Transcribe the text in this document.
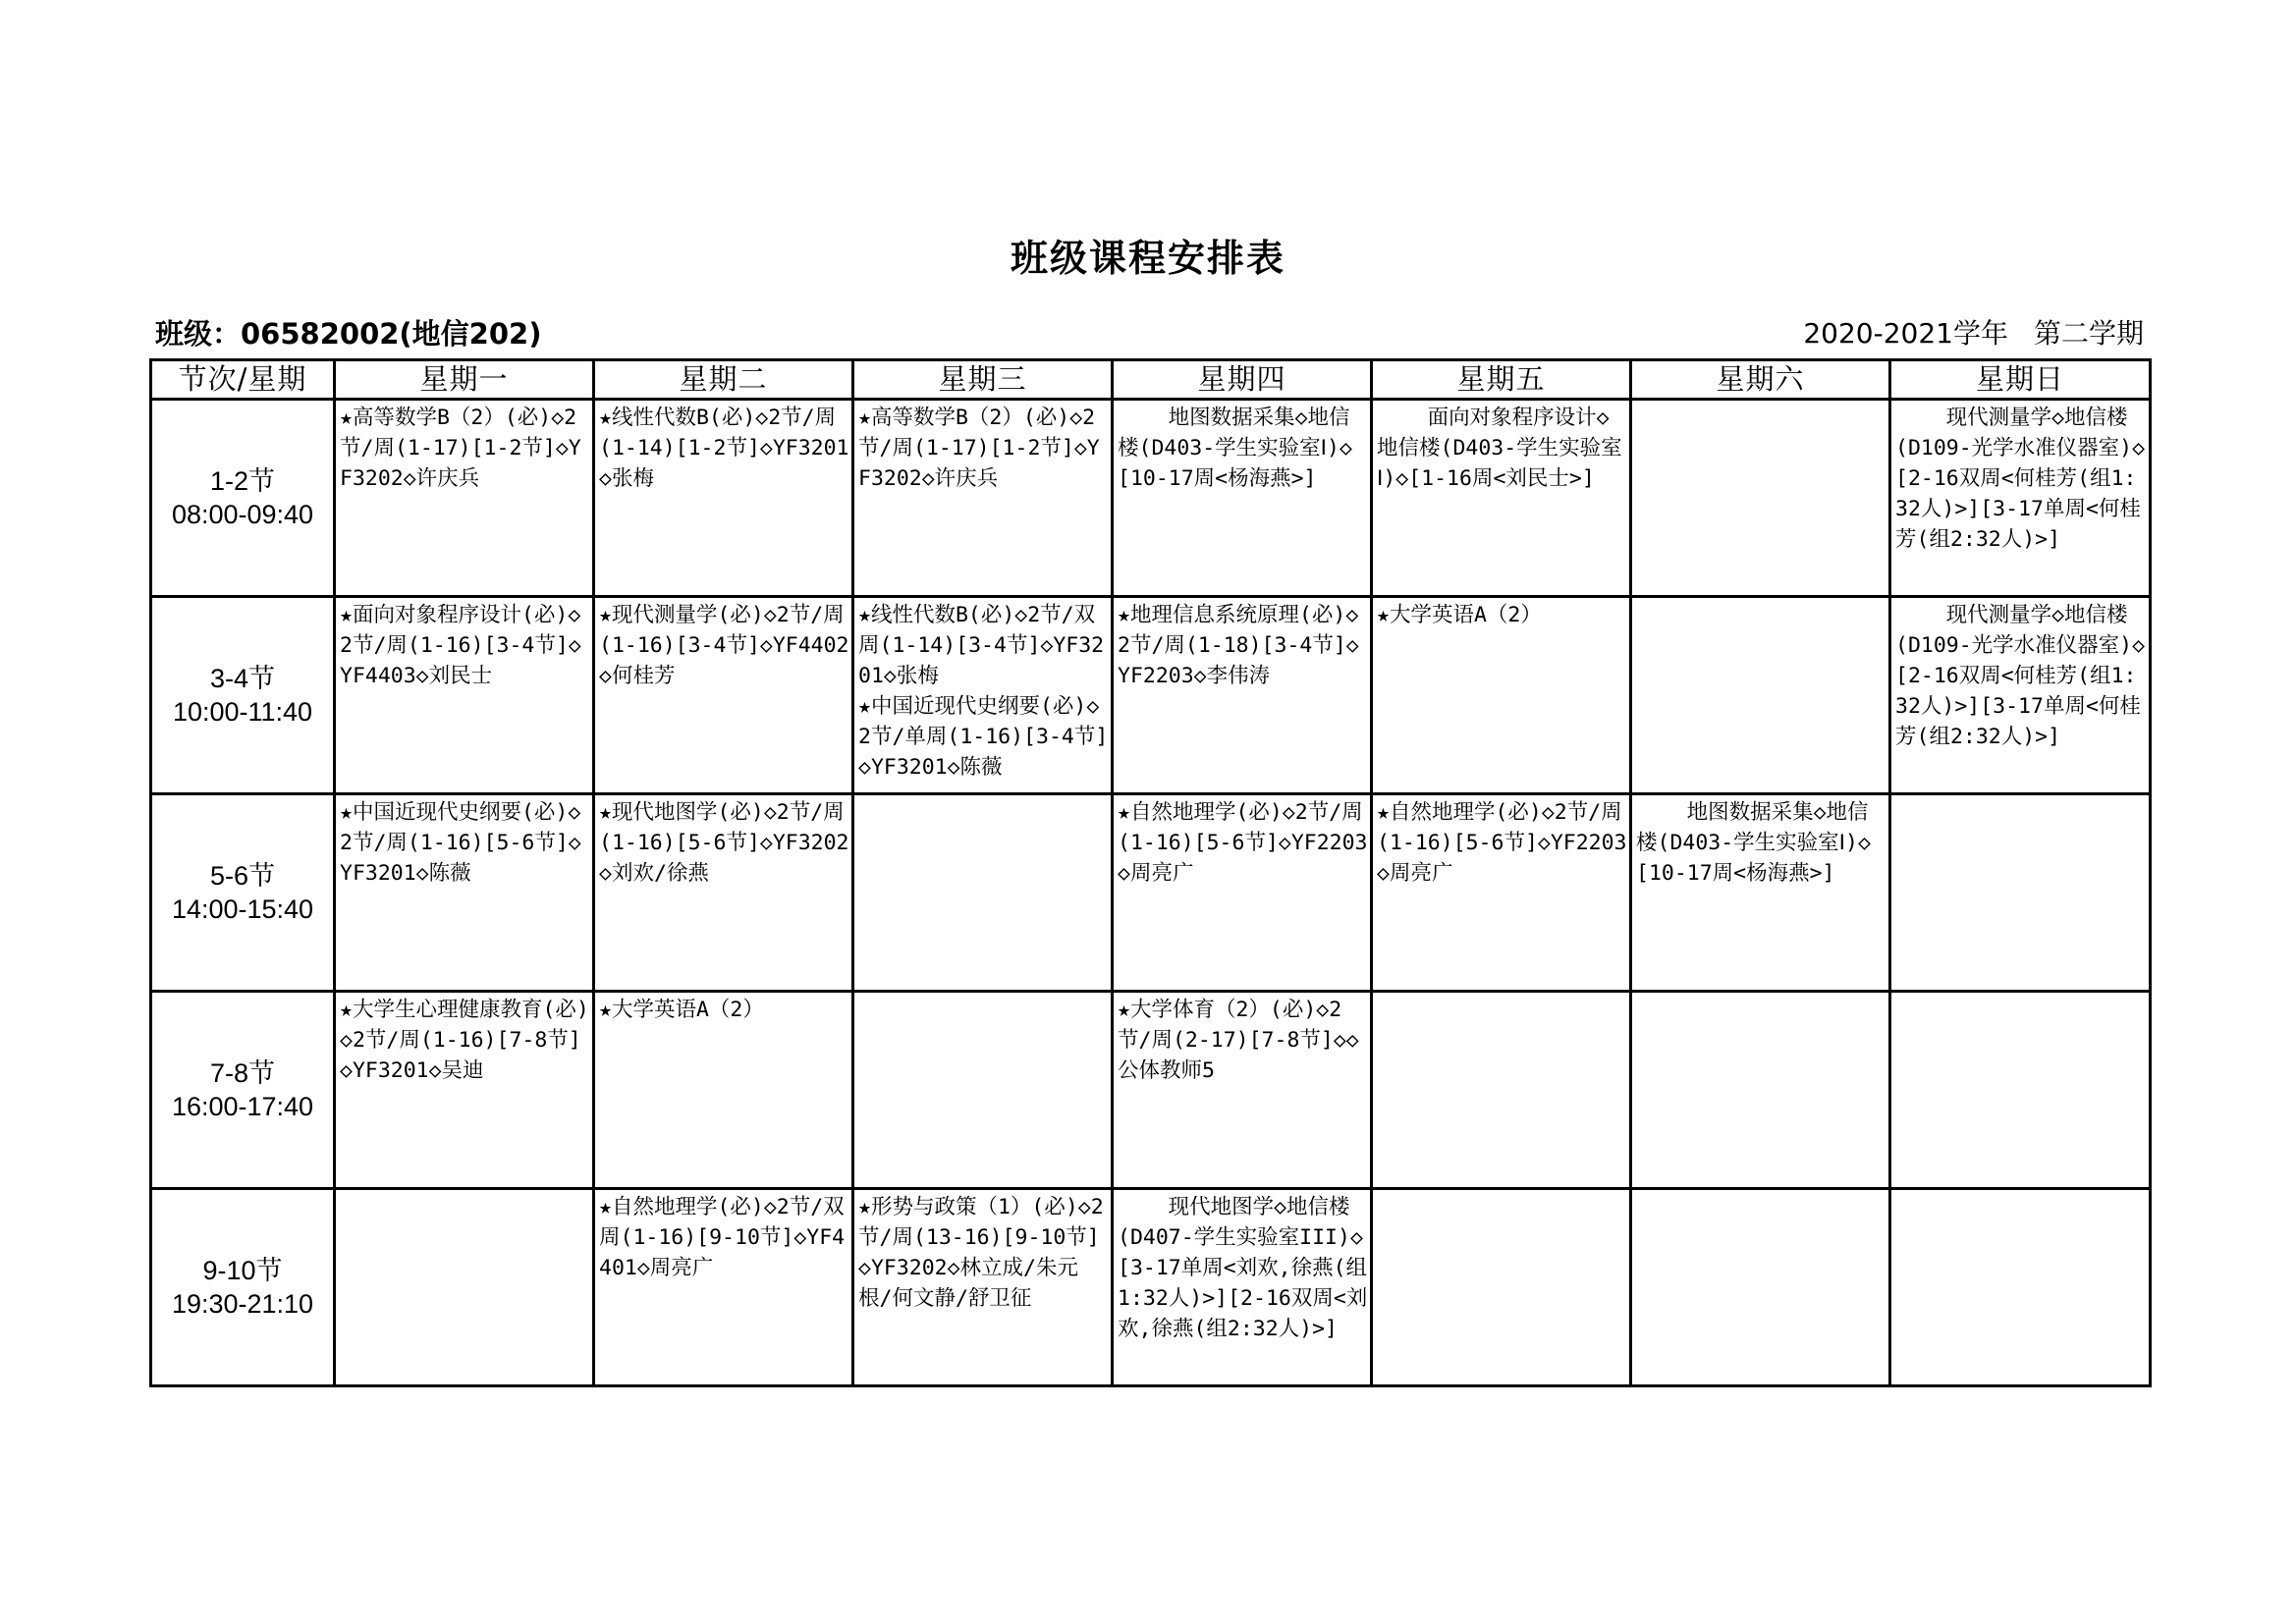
班级课程安排表
班级：06582002(地信202)	2020-2021学年 第二学期
节次/星期	星期一	星期二	星期三	星期四	星期五	星期六	星期日

1-2节
08:00-09:40	★高等数学B（2）(必)◇2节/周(1-17)[1-2节]◇YF3202◇许庆兵	★线性代数B(必)◇2节/周(1-14)[1-2节]◇YF3201◇张梅	★高等数学B（2）(必)◇2节/周(1-17)[1-2节]◇YF3202◇许庆兵	地图数据采集◇地信楼(D403-学生实验室Ⅰ)◇[10-17周<杨海燕>]	面向对象程序设计◇地信楼(D403-学生实验室Ⅰ)◇[1-16周<刘民士>]		现代测量学◇地信楼(D109-光学水准仪器室)◇[2-16双周<何桂芳(组1:32人)>][3-17单周<何桂芳(组2:32人)>]

3-4节
10:00-11:40	★面向对象程序设计(必)◇2节/周(1-16)[3-4节]◇YF4403◇刘民士	★现代测量学(必)◇2节/周(1-16)[3-4节]◇YF4402◇何桂芳	★线性代数B(必)◇2节/双周(1-14)[3-4节]◇YF3201◇张梅
★中国近现代史纲要(必)◇2节/单周(1-16)[3-4节]◇YF3201◇陈薇	★地理信息系统原理(必)◇2节/周(1-18)[3-4节]◇YF2203◇李伟涛	★大学英语A（2）		现代测量学◇地信楼(D109-光学水准仪器室)◇[2-16双周<何桂芳(组1:32人)>][3-17单周<何桂芳(组2:32人)>]

5-6节
14:00-15:40	★中国近现代史纲要(必)◇2节/周(1-16)[5-6节]◇YF3201◇陈薇	★现代地图学(必)◇2节/周(1-16)[5-6节]◇YF3202◇刘欢/徐燕		★自然地理学(必)◇2节/周(1-16)[5-6节]◇YF2203◇周亮广	★自然地理学(必)◇2节/周(1-16)[5-6节]◇YF2203◇周亮广	地图数据采集◇地信楼(D403-学生实验室Ⅰ)◇[10-17周<杨海燕>]	

7-8节
16:00-17:40	★大学生心理健康教育(必)◇2节/周(1-16)[7-8节]◇YF3201◇吴迪	★大学英语A（2）		★大学体育（2）(必)◇2节/周(2-17)[7-8节]◇◇公体教师5			

9-10节
19:30-21:10		★自然地理学(必)◇2节/双周(1-16)[9-10节]◇YF4401◇周亮广	★形势与政策（1）(必)◇2节/周(13-16)[9-10节]◇YF3202◇林立成/朱元根/何文静/舒卫征	现代地图学◇地信楼(D407-学生实验室III)◇[3-17单周<刘欢,徐燕(组1:32人)>][2-16双周<刘欢,徐燕(组2:32人)>]			
